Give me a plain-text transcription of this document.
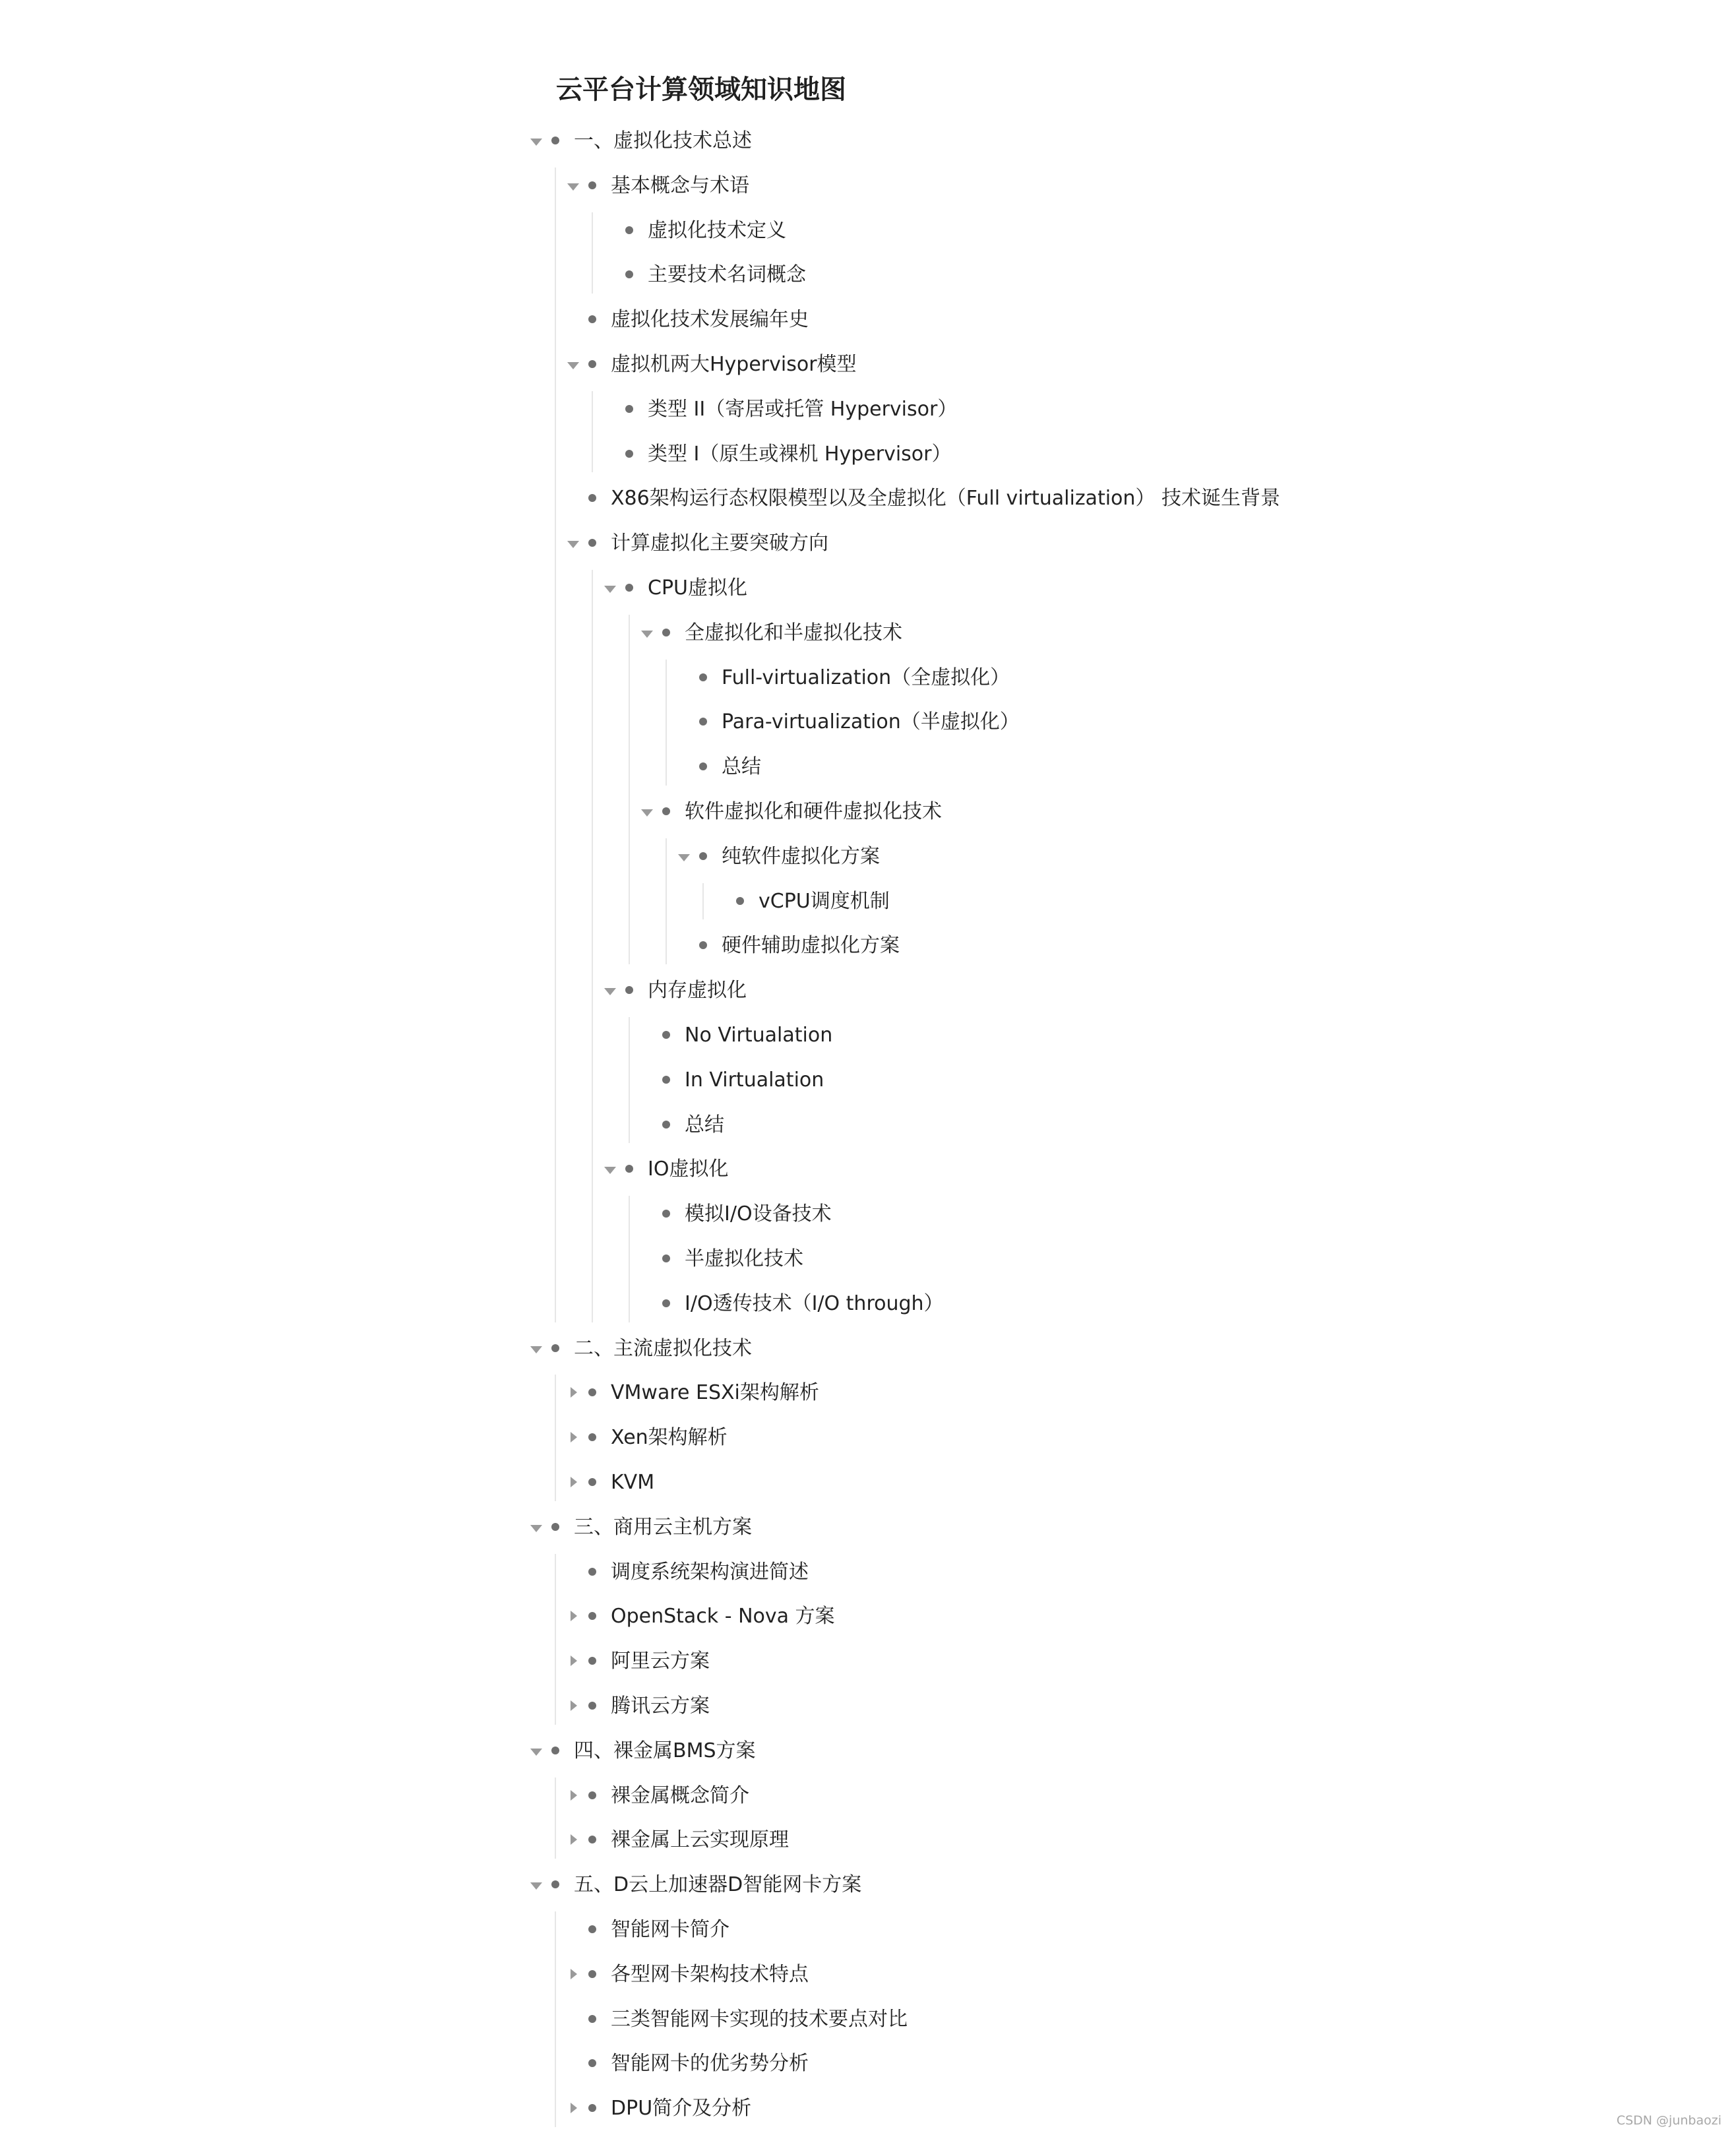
云平台计算领域知识地图
一、虚拟化技术总述
基本概念与术语
虚拟化技术定义
主要技术名词概念
虚拟化技术发展编年史
虚拟机两大Hypervisor模型
类型 II（寄居或托管 Hypervisor）
类型 I（原生或裸机 Hypervisor）
X86架构运行态权限模型以及全虚拟化（Full virtualization） 技术诞生背景
计算虚拟化主要突破方向
CPU虚拟化
全虚拟化和半虚拟化技术
Full-virtualization（全虚拟化）
Para-virtualization（半虚拟化）
总结
软件虚拟化和硬件虚拟化技术
纯软件虚拟化方案
vCPU调度机制
硬件辅助虚拟化方案
内存虚拟化
No Virtualation
In Virtualation
总结
IO虚拟化
模拟I/O设备技术
半虚拟化技术
I/O透传技术（I/O through）
二、主流虚拟化技术
VMware ESXi架构解析
Xen架构解析
KVM
三、商用云主机方案
调度系统架构演进简述
OpenStack - Nova 方案
阿里云方案
腾讯云方案
四、裸金属BMS方案
裸金属概念简介
裸金属上云实现原理
五、D云上加速器D智能网卡方案
智能网卡简介
各型网卡架构技术特点
三类智能网卡实现的技术要点对比
智能网卡的优劣势分析
DPU简介及分析
CSDN @junbaozi
